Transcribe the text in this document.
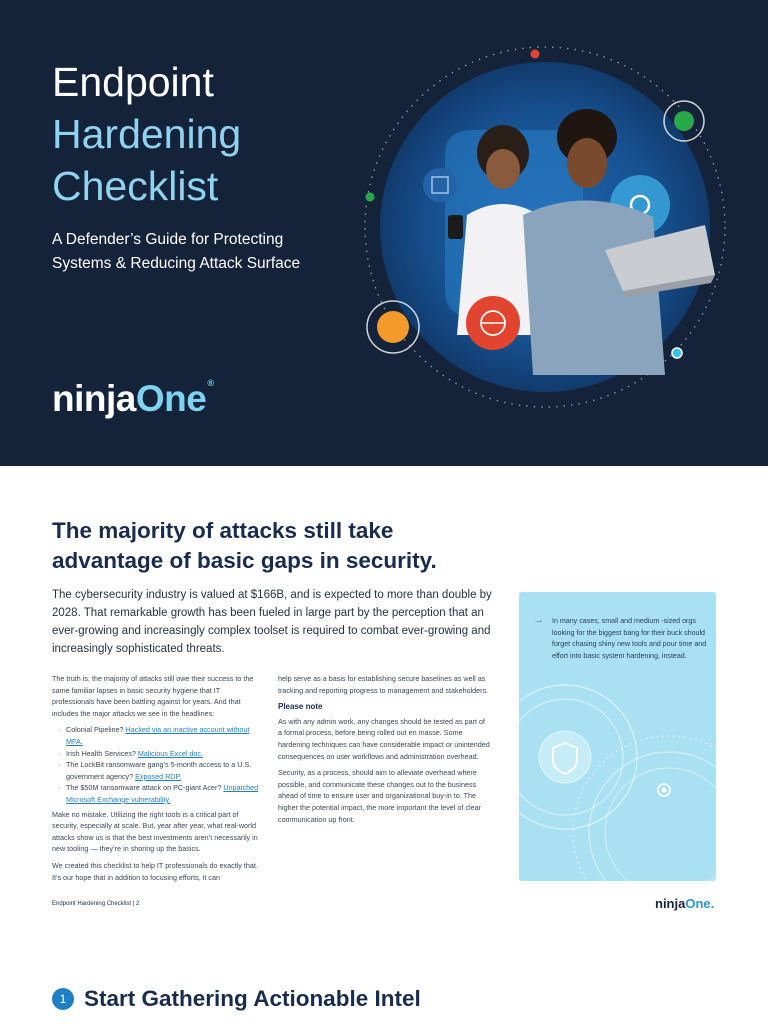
Endpoint
Hardening
Checklist
A Defender’s Guide for Protecting
Systems & Reducing Attack Surface
ninjaOne®
The majority of attacks still take
advantage of basic gaps in security.

The cybersecurity industry is valued at $166B, and is expected to more than double by 2028. That remarkable growth has been fueled in large part by the perception that an ever-growing and increasingly complex toolset is required to combat ever-growing and increasingly sophisticated threats.

The truth is, the majority of attacks still owe their success to the same familiar lapses in basic security hygiene that IT professionals have been battling against for years. And that includes the major attacks we see in the headlines:

· Colonial Pipeline? Hacked via an inactive account without MFA.
· Irish Health Services? Malicious Excel doc.
· The LockBit ransomware gang’s 5-month access to a U.S. government agency? Exposed RDP.
· The $50M ransomware attack on PC-giant Acer? Unpatched Microsoft Exchange vulnerability.

Make no mistake. Utilizing the right tools is a critical part of security, especially at scale. But, year after year, what real-world attacks show us is that the best investments aren’t necessarily in new tooling — they’re in shoring up the basics.

We created this checklist to help IT professionals do exactly that. It’s our hope that in addition to focusing efforts, it can

help serve as a basis for establishing secure baselines as well as tracking and reporting progress to management and stakeholders.

Please note

As with any admin work, any changes should be tested as part of a formal process, before being rolled out en masse. Some hardening techniques can have considerable impact or unintended consequences on user workflows and administration overhead.

Security, as a process, should aim to alleviate overhead where possible, and communicate these changes out to the business ahead of time to ensure user and organizational buy-in to. The higher the potential impact, the more important the level of clear communication up front.

→ In many cases, small and medium -sized orgs looking for the biggest bang for their buck should forget chasing shiny new tools and pour time and effort into basic system hardening, instead.
Endpoint Hardening Checklist | 2	ninjaOne.
1 Start Gathering Actionable Intel
